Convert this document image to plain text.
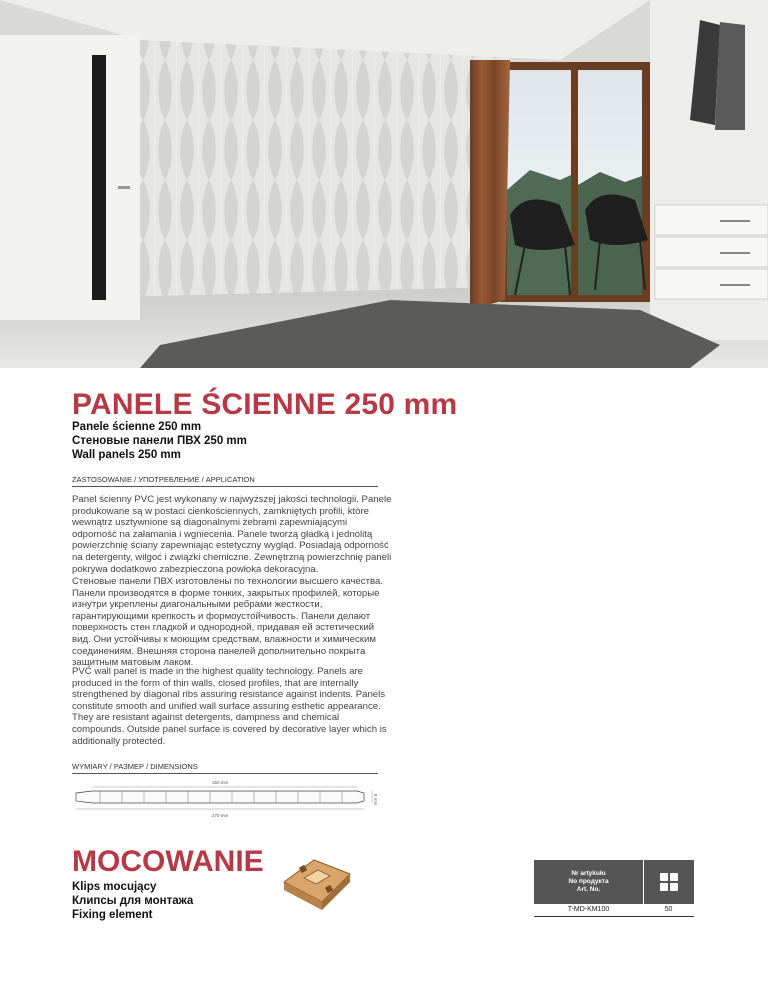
PANELE ŚCIENNE 250 mm
Panele ścienne 250 mm
Стеновые панели ПВХ 250 mm
Wall panels 250 mm
ZASTOSOWANIE / УПОТРЕБЛЕНИЕ / APPLICATION
Panel ścienny PVC jest wykonany w najwyższej jakości technologii. Panele produkowane są w postaci cienkościennych, zamkniętych profili, które wewnątrz usztywnione są diagonalnymi żebrami zapewniającymi odporność na załamania i wgniecenia. Panele tworzą gładką i jednolitą powierzchnię ściany zapewniając estetyczny wygląd. Posiadają odporność na detergenty, wilgoć i związki chemiczne. Zewnętrzną powierzchnię paneli pokrywa dodatkowo zabezpieczona powłoka dekoracyjna.
Стеновые панели ПВХ изготовлены по технологии высшего качества. Панели производятся в форме тонких, закрытых профилей, которые изнутри укреплены диагональными ребрами жесткости, гарантирующими крепкость и формоустойчивость. Панели делают поверхность стен гладкой и однородной, придавая ей эстетический вид. Они устойчивы к моющим средствам, влажности и химическим соединениям. Внешняя сторона панелей дополнительно покрыта защитным матовым лаком.
PVC wall panel is made in the highest quality technology. Panels are produced in the form of thin walls, closed profiles, that are internally strengthened by diagonal ribs assuring resistance against indents. Panels constitute smooth and unified wall surface assuring esthetic appearance. They are resistant against detergents, dampness and chemical compounds. Outside panel surface is covered by decorative layer which is additionally protected.
WYMIARY / РАЗМЕР / DIMENSIONS
250 mm
8 mm
270 mm
MOCOWANIE
Klips mocujący
Клипсы для монтажа
Fixing element
Nr artykułu
No продукта
Art. No.
T-MD-KM100	50
